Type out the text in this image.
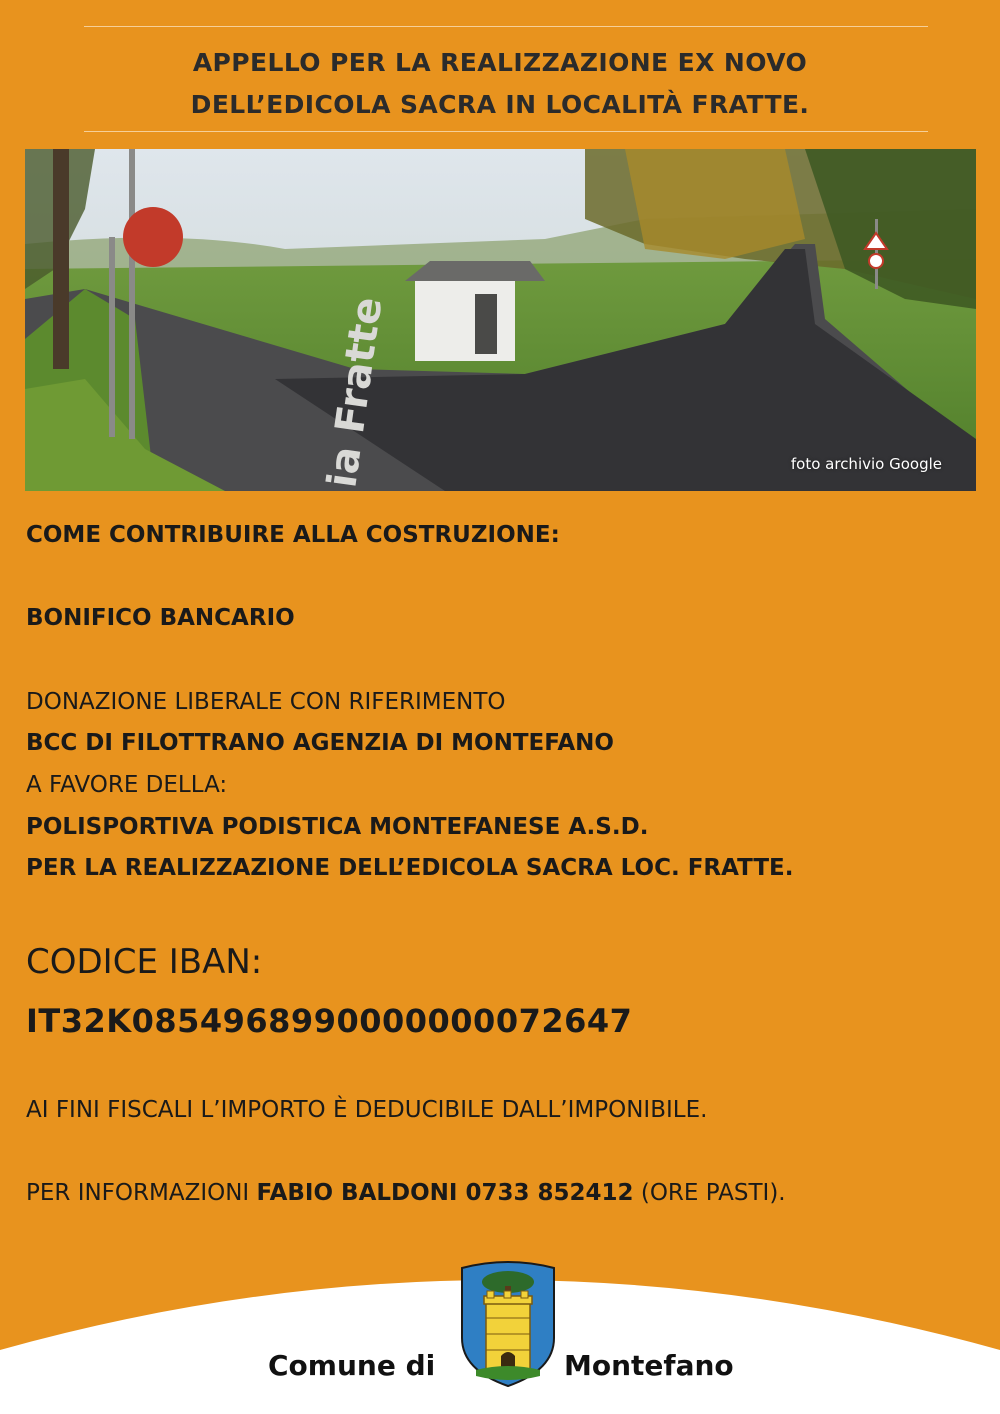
APPELLO PER LA REALIZZAZIONE EX NOVO
DELL’EDICOLA SACRA IN LOCALITÀ FRATTE.
ia Fratte	foto archivio Google
COME CONTRIBUIRE ALLA COSTRUZIONE:
BONIFICO BANCARIO
DONAZIONE LIBERALE CON RIFERIMENTO
BCC DI FILOTTRANO AGENZIA DI MONTEFANO
A FAVORE DELLA:
POLISPORTIVA PODISTICA MONTEFANESE A.S.D.
PER LA REALIZZAZIONE DELL’EDICOLA SACRA LOC. FRATTE.
CODICE IBAN:
IT32K0854968990000000072647
AI FINI FISCALI L’IMPORTO È DEDUCIBILE DALL’IMPONIBILE.
PER INFORMAZIONI FABIO BALDONI 0733 852412 (ORE PASTI).
Comune di	Montefano
